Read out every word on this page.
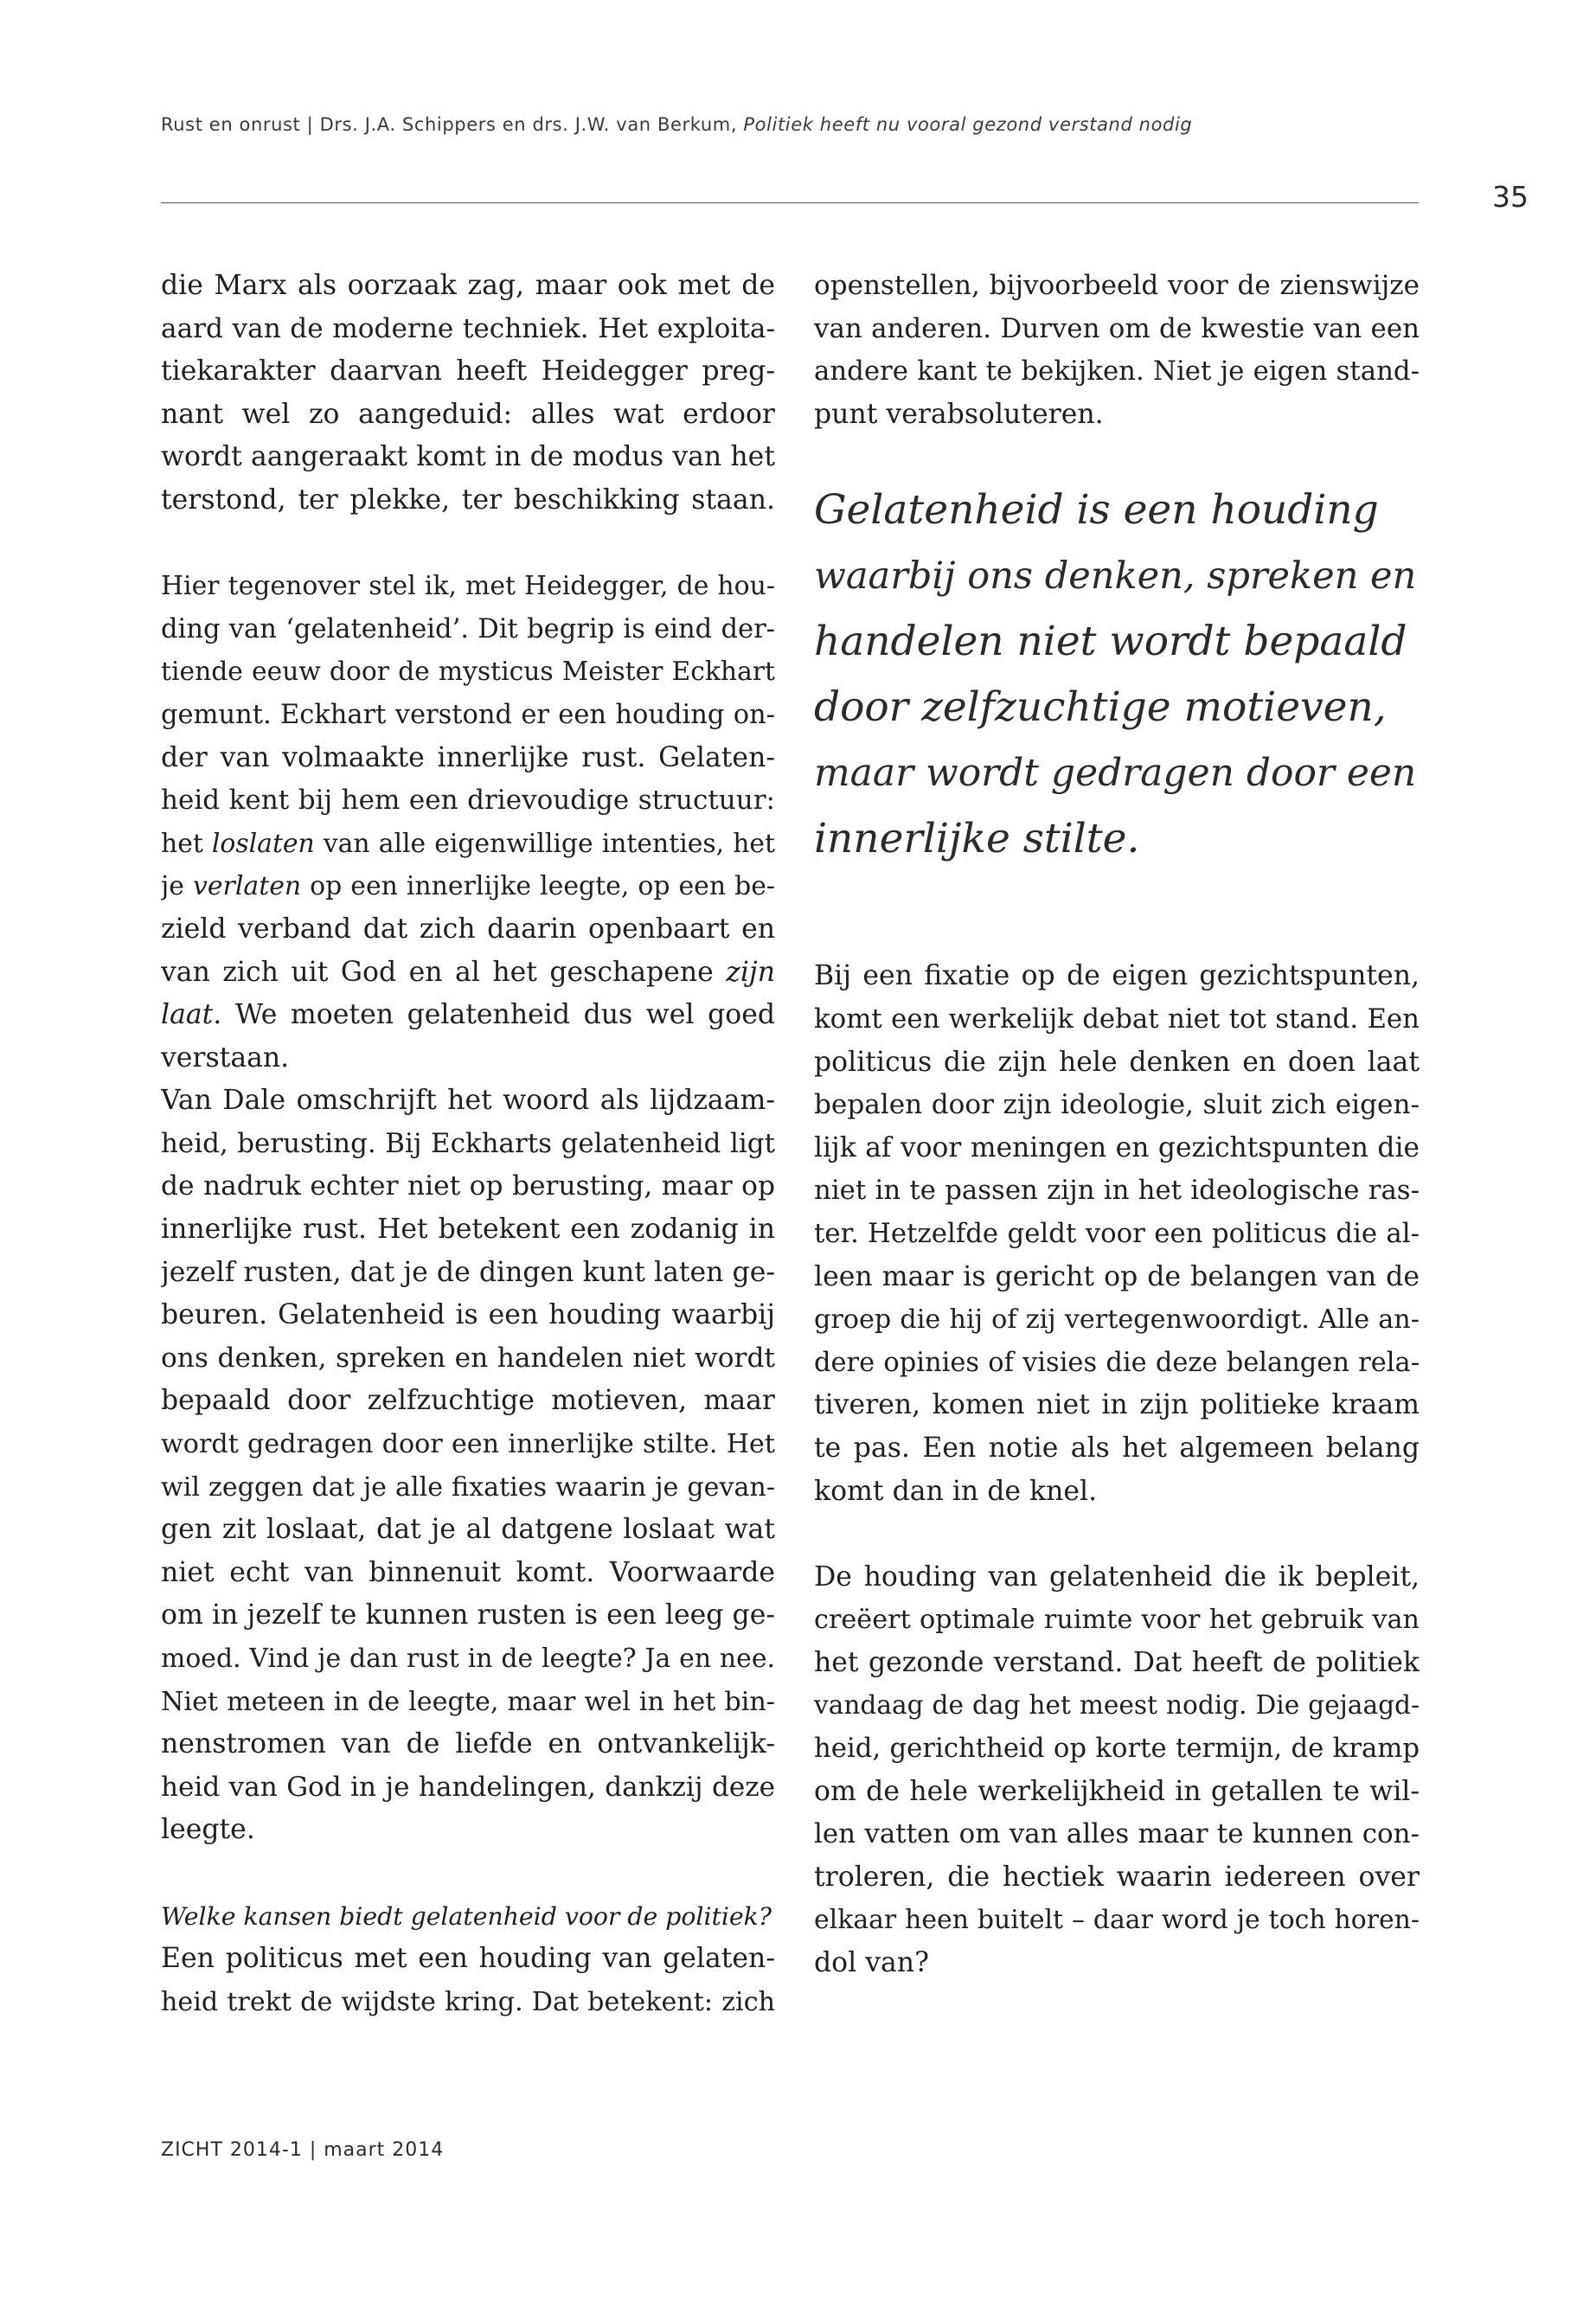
Rust en onrust | Drs. J.A. Schippers en drs. J.W. van Berkum, Politiek heeft nu vooral gezond verstand nodig
35
die Marx als oorzaak zag, maar ook met de
aard van de moderne techniek. Het exploita-
tiekarakter daarvan heeft Heidegger preg-
nant wel zo aangeduid: alles wat erdoor
wordt aangeraakt komt in de modus van het
terstond, ter plekke, ter beschikking staan.
Hier tegenover stel ik, met Heidegger, de hou-
ding van ‘gelatenheid’. Dit begrip is eind der-
tiende eeuw door de mysticus Meister Eckhart
gemunt. Eckhart verstond er een houding on-
der van volmaakte innerlijke rust. Gelaten-
heid kent bij hem een drievoudige structuur:
het loslaten van alle eigenwillige intenties, het
je verlaten op een innerlijke leegte, op een be-
zield verband dat zich daarin openbaart en
van zich uit God en al het geschapene zijn
laat. We moeten gelatenheid dus wel goed
verstaan.
Van Dale omschrijft het woord als lijdzaam-
heid, berusting. Bij Eckharts gelatenheid ligt
de nadruk echter niet op berusting, maar op
innerlijke rust. Het betekent een zodanig in
jezelf rusten, dat je de dingen kunt laten ge-
beuren. Gelatenheid is een houding waarbij
ons denken, spreken en handelen niet wordt
bepaald door zelfzuchtige motieven, maar
wordt gedragen door een innerlijke stilte. Het
wil zeggen dat je alle fixaties waarin je gevan-
gen zit loslaat, dat je al datgene loslaat wat
niet echt van binnenuit komt. Voorwaarde
om in jezelf te kunnen rusten is een leeg ge-
moed. Vind je dan rust in de leegte? Ja en nee.
Niet meteen in de leegte, maar wel in het bin-
nenstromen van de liefde en ontvankelijk-
heid van God in je handelingen, dankzij deze
leegte.
Welke kansen biedt gelatenheid voor de politiek?
Een politicus met een houding van gelaten-
heid trekt de wijdste kring. Dat betekent: zich
openstellen, bijvoorbeeld voor de zienswijze
van anderen. Durven om de kwestie van een
andere kant te bekijken. Niet je eigen stand-
punt verabsoluteren.
Gelatenheid is een houding
waarbij ons denken, spreken en
handelen niet wordt bepaald
door zelfzuchtige motieven,
maar wordt gedragen door een
innerlijke stilte.
Bij een fixatie op de eigen gezichtspunten,
komt een werkelijk debat niet tot stand. Een
politicus die zijn hele denken en doen laat
bepalen door zijn ideologie, sluit zich eigen-
lijk af voor meningen en gezichtspunten die
niet in te passen zijn in het ideologische ras-
ter. Hetzelfde geldt voor een politicus die al-
leen maar is gericht op de belangen van de
groep die hij of zij vertegenwoordigt. Alle an-
dere opinies of visies die deze belangen rela-
tiveren, komen niet in zijn politieke kraam
te pas. Een notie als het algemeen belang
komt dan in de knel.
De houding van gelatenheid die ik bepleit,
creëert optimale ruimte voor het gebruik van
het gezonde verstand. Dat heeft de politiek
vandaag de dag het meest nodig. Die gejaagd-
heid, gerichtheid op korte termijn, de kramp
om de hele werkelijkheid in getallen te wil-
len vatten om van alles maar te kunnen con-
troleren, die hectiek waarin iedereen over
elkaar heen buitelt – daar word je toch horen-
dol van?
ZICHT 2014-1 | maart 2014
